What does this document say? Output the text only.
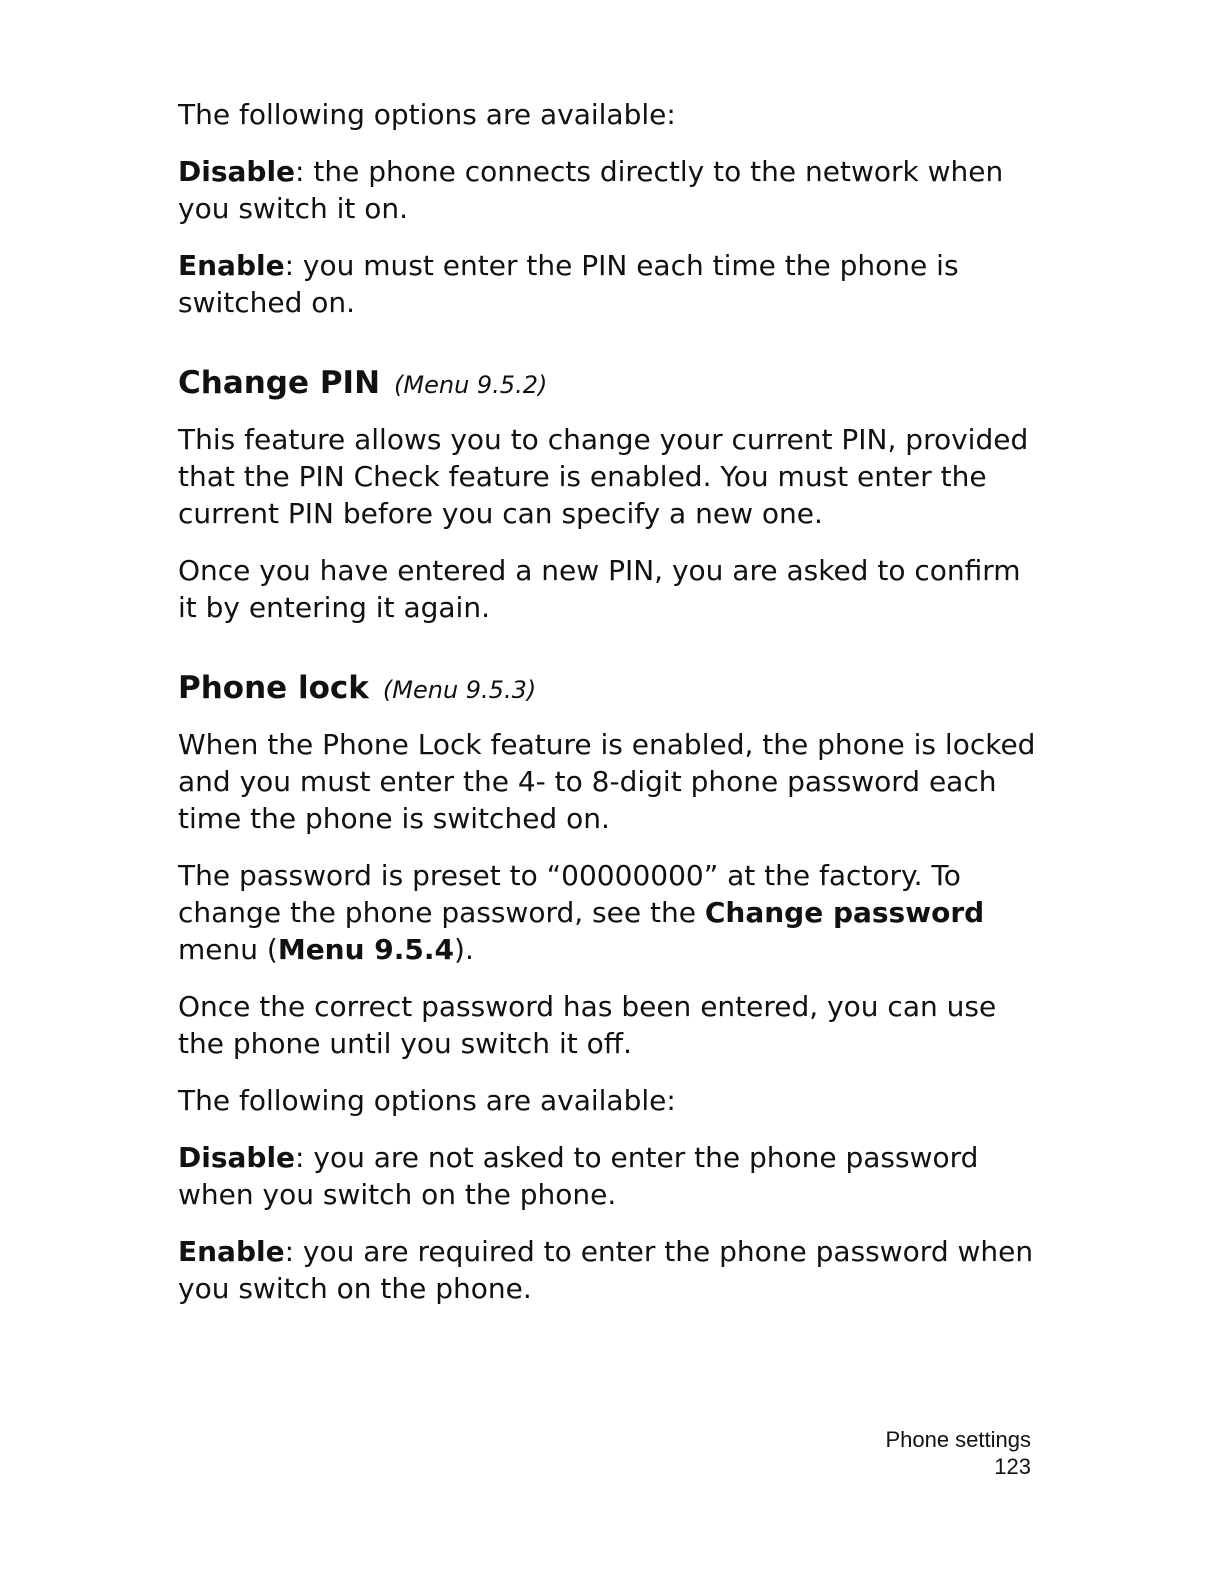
The following options are available:

Disable: the phone connects directly to the network when you switch it on.

Enable: you must enter the PIN each time the phone is switched on.

Change PIN (Menu 9.5.2)

This feature allows you to change your current PIN, provided that the PIN Check feature is enabled. You must enter the current PIN before you can specify a new one.

Once you have entered a new PIN, you are asked to confirm it by entering it again.

Phone lock (Menu 9.5.3)

When the Phone Lock feature is enabled, the phone is locked and you must enter the 4- to 8-digit phone password each time the phone is switched on.

The password is preset to “00000000” at the factory. To change the phone password, see the Change password menu (Menu 9.5.4).

Once the correct password has been entered, you can use the phone until you switch it off.

The following options are available:

Disable: you are not asked to enter the phone password when you switch on the phone.

Enable: you are required to enter the phone password when you switch on the phone.

Phone settings
123
